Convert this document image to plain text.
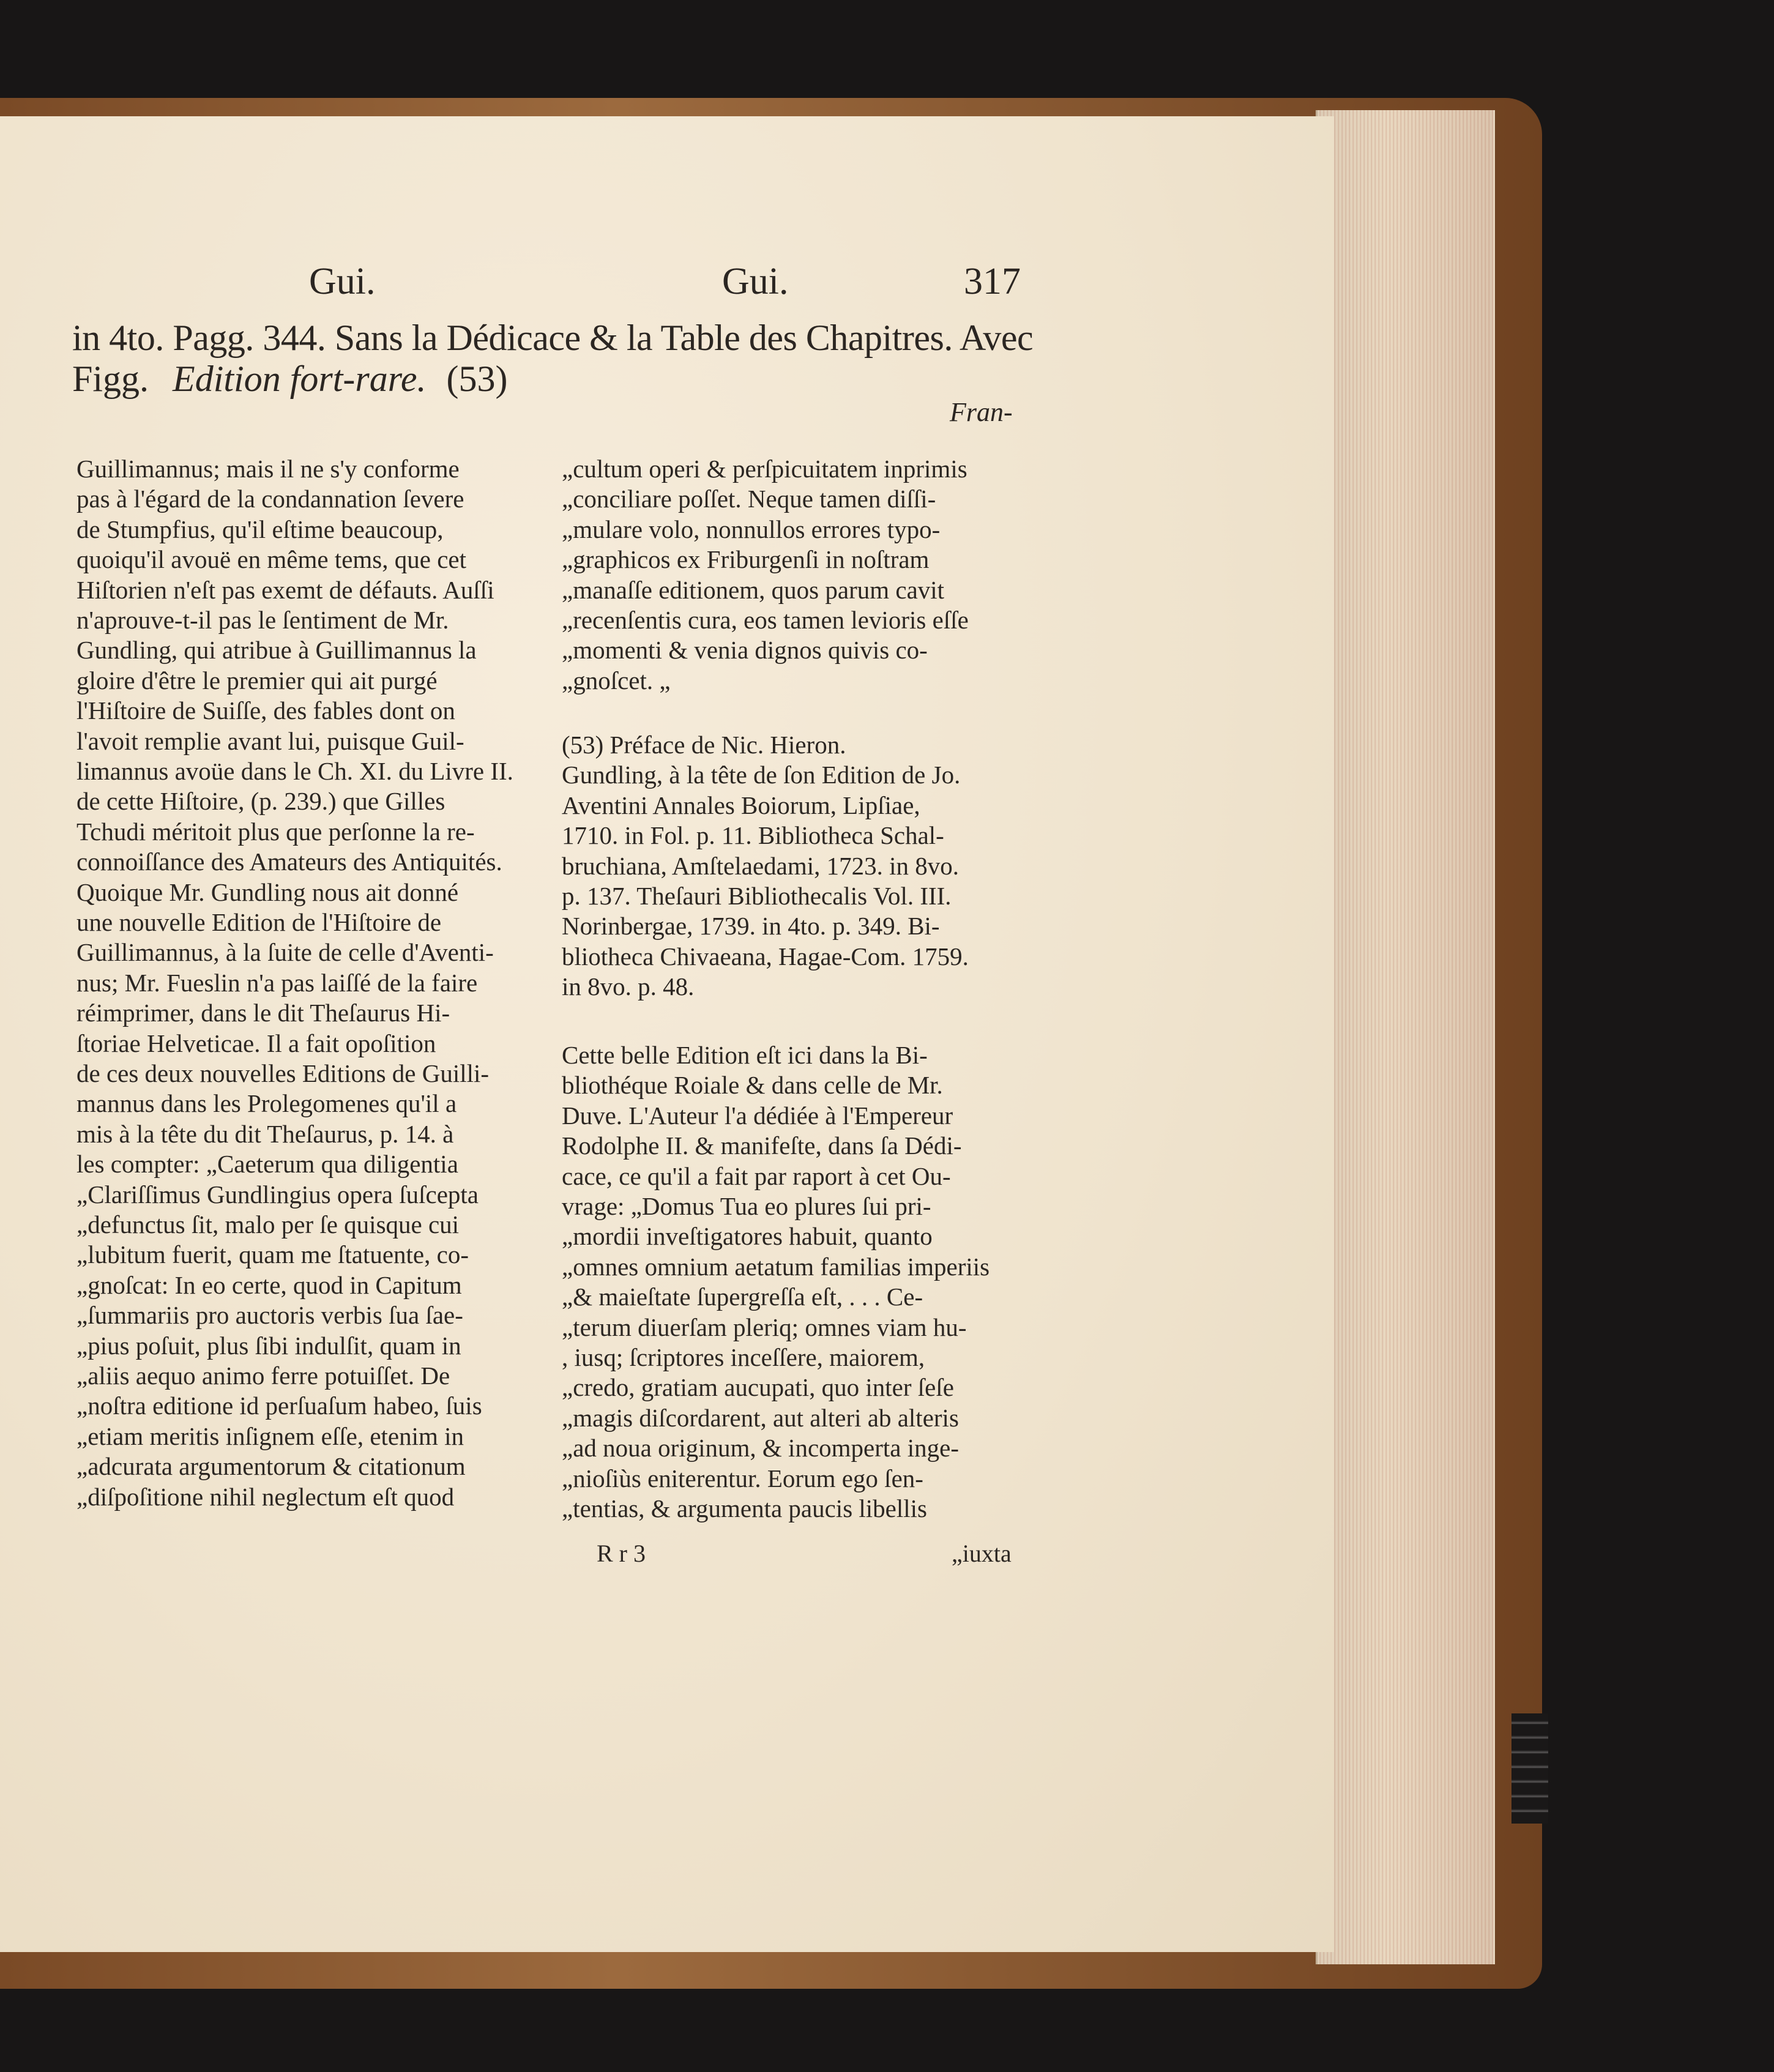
Gui.	Gui.	317
in 4to. Pagg. 344. Sans la Dédicace & la Table des Chapitres. Avec
Figg. Edition fort-rare. (53)
Fran-
Guillimannus; mais il ne s'y conforme
pas à l'égard de la condannation ſevere
de Stumpfius, qu'il eſtime beaucoup,
quoiqu'il avouë en même tems, que cet
Hiſtorien n'eſt pas exemt de défauts. Auſſi
n'aprouve-t-il pas le ſentiment de Mr.
Gundling, qui atribue à Guillimannus la
gloire d'être le premier qui ait purgé
l'Hiſtoire de Suiſſe, des fables dont on
l'avoit remplie avant lui, puisque Guil-
limannus avoüe dans le Ch. XI. du Livre II.
de cette Hiſtoire, (p. 239.) que Gilles
Tchudi méritoit plus que perſonne la re-
connoiſſance des Amateurs des Antiquités.
Quoique Mr. Gundling nous ait donné
une nouvelle Edition de l'Hiſtoire de
Guillimannus, à la ſuite de celle d'Aventi-
nus; Mr. Fueslin n'a pas laiſſé de la faire
réimprimer, dans le dit Theſaurus Hi-
ſtoriae Helveticae. Il a fait opoſition
de ces deux nouvelles Editions de Guilli-
mannus dans les Prolegomenes qu'il a
mis à la tête du dit Theſaurus, p. 14. à
les compter: „Caeterum qua diligentia
„Clariſſimus Gundlingius opera ſuſcepta
„defunctus ſit, malo per ſe quisque cui
„lubitum fuerit, quam me ſtatuente, co-
„gnoſcat: In eo certe, quod in Capitum
„ſummariis pro auctoris verbis ſua ſae-
„pius poſuit, plus ſibi indulſit, quam in
„aliis aequo animo ferre potuiſſet. De
„noſtra editione id perſuaſum habeo, ſuis
„etiam meritis inſignem eſſe, etenim in
„adcurata argumentorum & citationum
„diſpoſitione nihil neglectum eſt quod
„cultum operi & perſpicuitatem inprimis
„conciliare poſſet. Neque tamen diſſi-
„mulare volo, nonnullos errores typo-
„graphicos ex Friburgenſi in noſtram
„manaſſe editionem, quos parum cavit
„recenſentis cura, eos tamen levioris eſſe
„momenti & venia dignos quivis co-
„gnoſcet. „
(53) Préface de Nic. Hieron.
Gundling, à la tête de ſon Edition de Jo.
Aventini Annales Boiorum, Lipſiae,
1710. in Fol. p. 11. Bibliotheca Schal-
bruchiana, Amſtelaedami, 1723. in 8vo.
p. 137. Theſauri Bibliothecalis Vol. III.
Norinbergae, 1739. in 4to. p. 349. Bi-
bliotheca Chivaeana, Hagae-Com. 1759.
in 8vo. p. 48.
Cette belle Edition eſt ici dans la Bi-
bliothéque Roiale & dans celle de Mr.
Duve. L'Auteur l'a dédiée à l'Empereur
Rodolphe II. & manifeſte, dans ſa Dédi-
cace, ce qu'il a fait par raport à cet Ou-
vrage: „Domus Tua eo plures ſui pri-
„mordii inveſtigatores habuit, quanto
„omnes omnium aetatum familias imperiis
„& maieſtate ſupergreſſa eſt, . . . Ce-
„terum diuerſam pleriq; omnes viam hu-
, iusq; ſcriptores inceſſere, maiorem,
„credo, gratiam aucupati, quo inter ſeſe
„magis diſcordarent, aut alteri ab alteris
„ad noua originum, & incomperta inge-
„nioſiùs eniterentur. Eorum ego ſen-
„tentias, & argumenta paucis libellis
R r 3	„iuxta
